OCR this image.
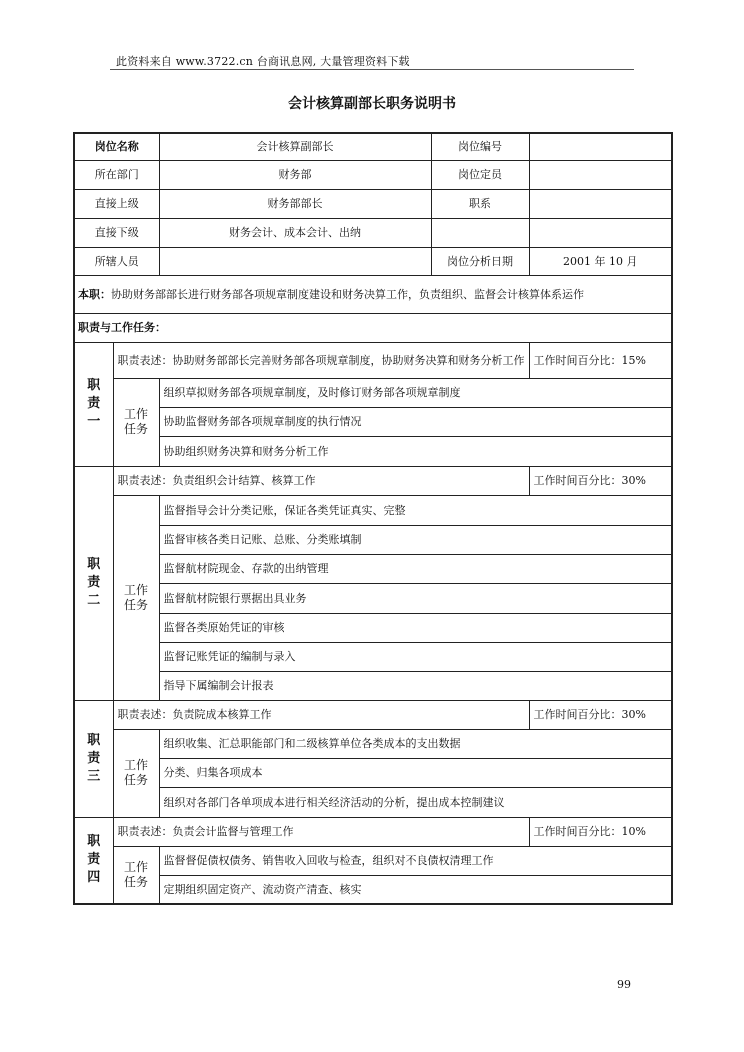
此资料来自 www.3722.cn 台商讯息网, 大量管理资料下载
会计核算副部长职务说明书
岗位名称		会计核算副部长	岗位编号	
所在部门		财务部	岗位定员	
直接上级		财务部部长	职系	
直接下级		财务会计、成本会计、出纳		
所辖人员			岗位分析日期	2001 年 10 月
本职：协助财务部部长进行财务部各项规章制度建设和财务决算工作，负责组织、监督会计核算体系运作				
职责与工作任务：				
职
责
一	职责表述：协助财务部部长完善财务部各项规章制度，协助财务决算和财务分析工作			工作时间百分比：15%
	工作
任务	组织草拟财务部各项规章制度，及时修订财务部各项规章制度		
		协助监督财务部各项规章制度的执行情况		
		协助组织财务决算和财务分析工作		
职
责
二	职责表述：负责组织会计结算、核算工作			工作时间百分比：30%
	工作
任务	监督指导会计分类记账，保证各类凭证真实、完整		
		监督审核各类日记账、总账、分类账填制		
		监督航材院现金、存款的出纳管理		
		监督航材院银行票据出具业务		
		监督各类原始凭证的审核		
		监督记账凭证的编制与录入		
		指导下属编制会计报表		
职
责
三	职责表述：负责院成本核算工作			工作时间百分比：30%
	工作
任务	组织收集、汇总职能部门和二级核算单位各类成本的支出数据		
		分类、归集各项成本		
		组织对各部门各单项成本进行相关经济活动的分析，提出成本控制建议		
职
责
四	职责表述：负责会计监督与管理工作			工作时间百分比：10%
	工作
任务	监督督促债权债务、销售收入回收与检查，组织对不良债权清理工作		
		定期组织固定资产、流动资产清查、核实		
99
